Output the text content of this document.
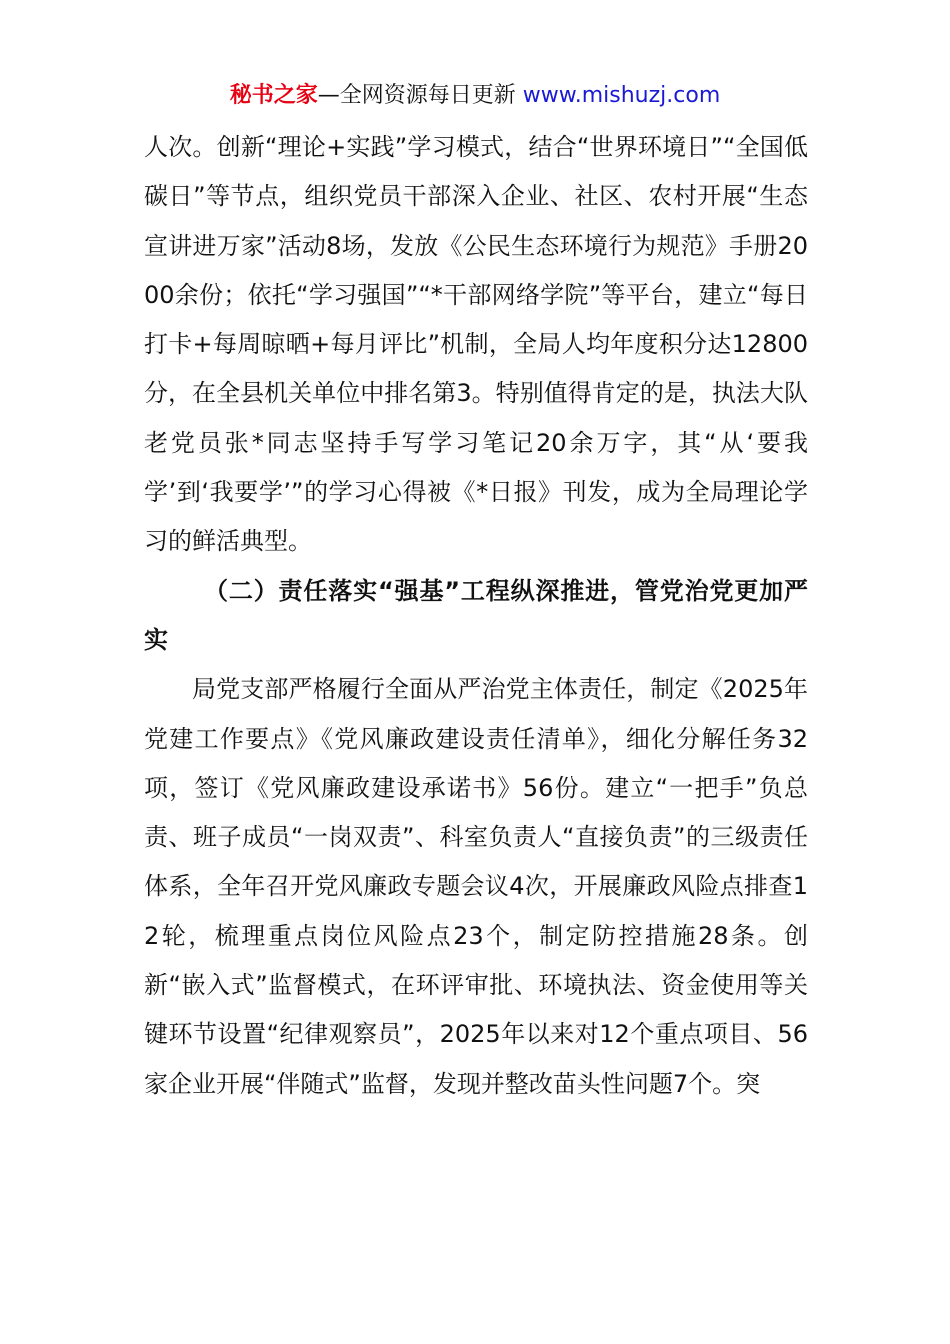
秘书之家—全网资源每日更新 www.mishuzj.com

人次。创新“理论+实践”学习模式，结合“世界环境日”“全国低碳日”等节点，组织党员干部深入企业、社区、农村开展“生态宣讲进万家”活动8场，发放《公民生态环境行为规范》手册2000余份；依托“学习强国”“*干部网络学院”等平台，建立“每日打卡+每周晾晒+每月评比”机制，全局人均年度积分达12800分，在全县机关单位中排名第3。特别值得肯定的是，执法大队老党员张*同志坚持手写学习笔记20余万字，其“从‘要我学’到‘我要学’”的学习心得被《*日报》刊发，成为全局理论学习的鲜活典型。

（二）责任落实“强基”工程纵深推进，管党治党更加严实

局党支部严格履行全面从严治党主体责任，制定《2025年党建工作要点》《党风廉政建设责任清单》，细化分解任务32项，签订《党风廉政建设承诺书》56份。建立“一把手”负总责、班子成员“一岗双责”、科室负责人“直接负责”的三级责任体系，全年召开党风廉政专题会议4次，开展廉政风险点排查12轮，梳理重点岗位风险点23个，制定防控措施28条。创新“嵌入式”监督模式，在环评审批、环境执法、资金使用等关键环节设置“纪律观察员”，2025年以来对12个重点项目、56家企业开展“伴随式”监督，发现并整改苗头性问题7个。突
